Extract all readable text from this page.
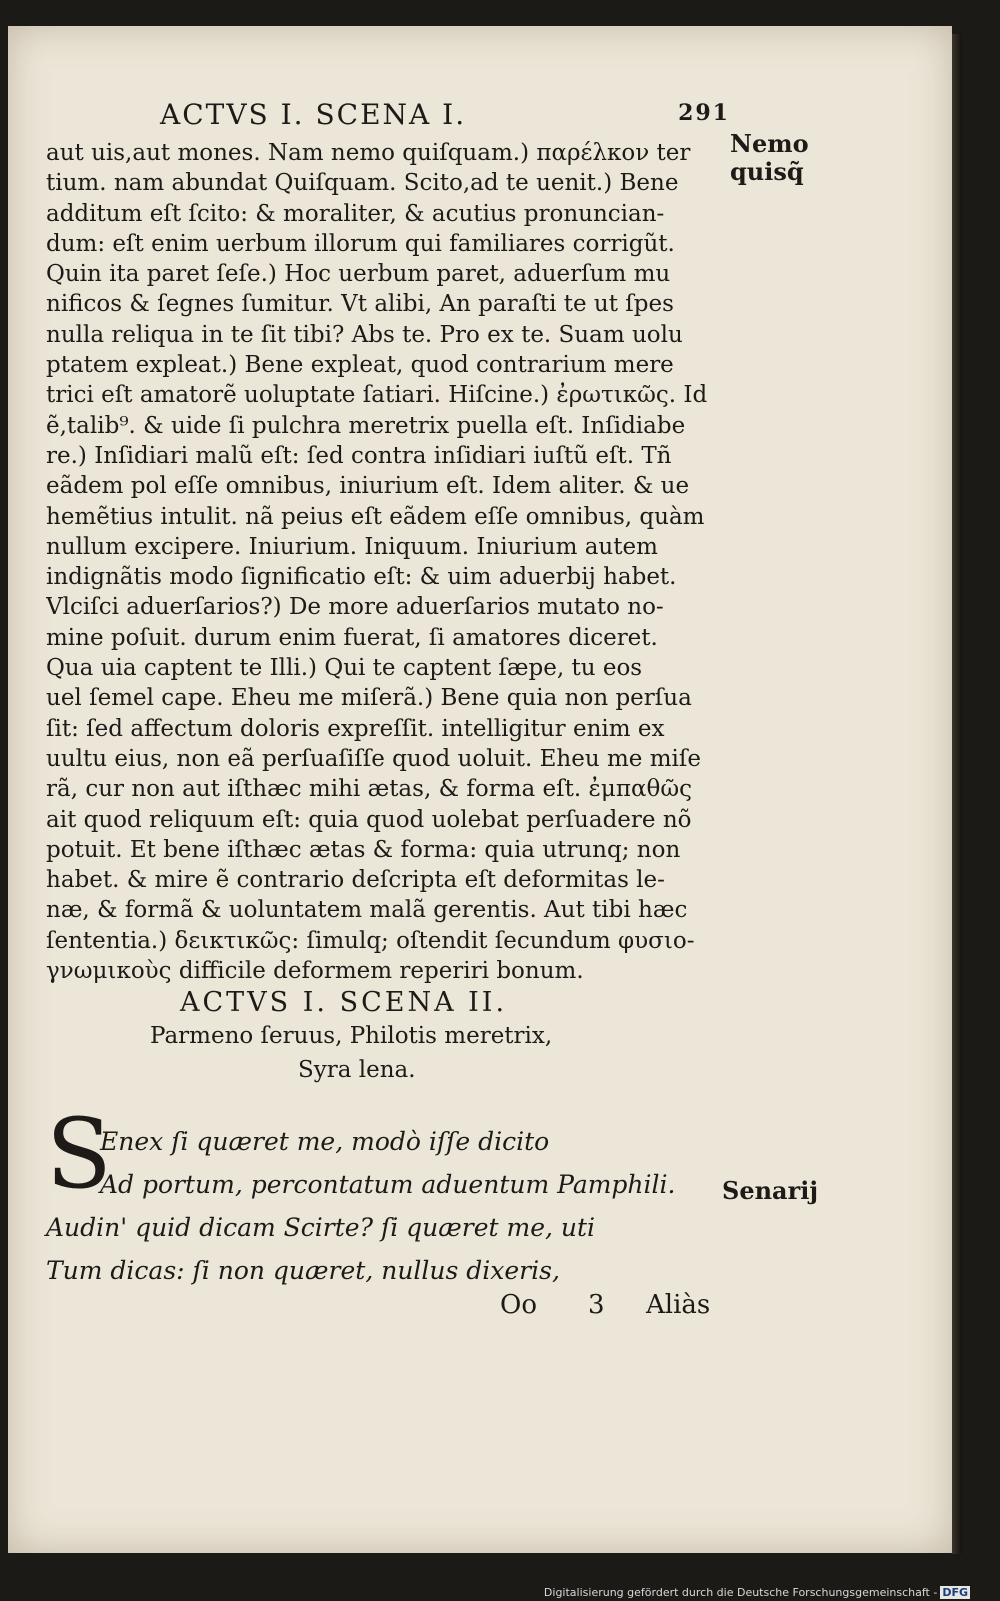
ACTVS I. SCENA I.	291
Nemo
quisq̃
aut uis,aut mones. Nam nemo quiſquam.) παρέλκον ter
tium. nam abundat Quiſquam. Scito,ad te uenit.) Bene
additum eſt ſcito: & moraliter, & acutius pronuncian-
dum: eſt enim uerbum illorum qui familiares corrigũt.
Quin ita paret ſeſe.) Hoc uerbum paret, aduerſum mu
nificos & ſegnes ſumitur. Vt alibi, An paraſti te ut ſpes
nulla reliqua in te ſit tibi? Abs te. Pro ex te. Suam uolu
ptatem expleat.) Bene expleat, quod contrarium mere
trici eſt amatorẽ uoluptate ſatiari. Hiſcine.) ἐρωτικῶς. Id
ẽ,talib⁹. & uide ſi pulchra meretrix puella eſt. Inſidiabe
re.) Inſidiari malũ eſt: ſed contra inſidiari iuſtũ eſt. Tñ
eãdem pol eſſe omnibus, iniurium eſt. Idem aliter. & ue
hemẽtius intulit. nã peius eſt eãdem eſſe omnibus, quàm
nullum excipere. Iniurium. Iniquum. Iniurium autem
indignãtis modo ſignificatio eſt: & uim aduerbij habet.
Vlciſci aduerſarios?) De more aduerſarios mutato no-
mine poſuit. durum enim fuerat, ſi amatores diceret.
Qua uia captent te Illi.) Qui te captent ſæpe, tu eos
uel ſemel cape. Eheu me miſerã.) Bene quia non perſua
ſit: ſed affectum doloris expreſſit. intelligitur enim ex
uultu eius, non eã perſuaſiſſe quod uoluit. Eheu me miſe
rã, cur non aut iſthæc mihi ætas, & forma eſt. ἐμπαθῶς
ait quod reliquum eſt: quia quod uolebat perſuadere nõ
potuit. Et bene iſthæc ætas & forma: quia utrunq; non
habet. & mire ẽ contrario deſcripta eſt deformitas le-
næ, & formã & uoluntatem malã gerentis. Aut tibi hæc
ſententia.) δεικτικῶς: ſimulq; oſtendit ſecundum φυσιο-
γνωμικοὺς difficile deformem reperiri bonum.
ACTVS I. SCENA II.
Parmeno ſeruus, Philotis meretrix,
Syra lena.
S
Enex ſi quæret me, modò iſſe dicito
Ad portum, percontatum aduentum Pamphili.
Audin' quid dicam Scirte? ſi quæret me, uti
Tum dicas: ſi non quæret, nullus dixeris,
Senarij
Oo 3 Aliàs
Digitalisierung gefördert durch die Deutsche Forschungsgemeinschaft - DFG
